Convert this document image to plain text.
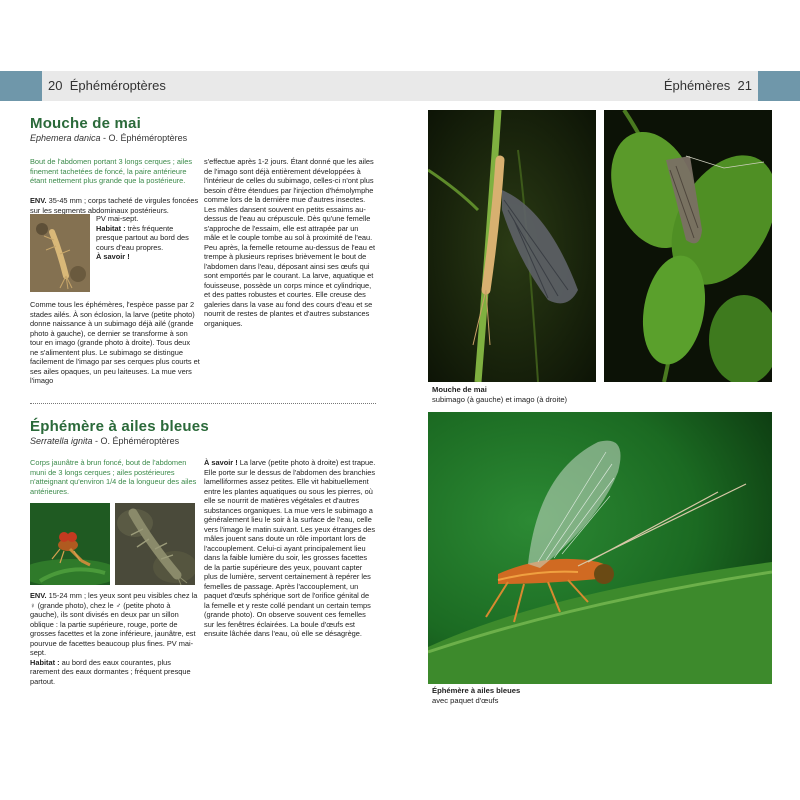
20 Éphéméroptères	Éphémères 21
Mouche de mai
Ephemera danica - O. Éphéméroptères
Bout de l'abdomen portant 3 longs cerques ; ailes finement tachetées de foncé, la paire antérieure étant nettement plus grande que la postérieure.
ENV. 35-45 mm ; corps tacheté de virgules foncées sur les segments abdominaux postérieurs.
PV mai-sept.
Habitat : très fréquente presque partout au bord des cours d'eau propres.
À savoir !
Comme tous les éphémères, l'espèce passe par 2 stades ailés. À son éclosion, la larve (petite photo) donne naissance à un subimago déjà ailé (grande photo à gauche), ce dernier se transforme à son tour en imago (grande photo à droite). Tous deux ne s'alimentent plus. Le subimago se distingue facilement de l'imago par ses cerques plus courts et ses ailes opaques, un peu laiteuses. La mue vers l'imago
s'effectue après 1-2 jours. Étant donné que les ailes de l'imago sont déjà entièrement développées à l'intérieur de celles du subimago, celles-ci n'ont plus besoin d'être étendues par l'injection d'hémolymphe comme lors de la dernière mue d'autres insectes. Les mâles dansent souvent en petits essaims au-dessus de l'eau au crépuscule. Dès qu'une femelle s'approche de l'essaim, elle est attrapée par un mâle et le couple tombe au sol à proximité de l'eau. Peu après, la femelle retourne au-dessus de l'eau et trempe à plusieurs reprises brièvement le bout de l'abdomen dans l'eau, déposant ainsi ses œufs qui sont emportés par le courant. La larve, aquatique et fouisseuse, possède un corps mince et cylindrique, et des pattes robustes et courtes. Elle creuse des galeries dans la vase au fond des cours d'eau et se nourrit de restes de plantes et d'autres substances organiques.
Éphémère à ailes bleues
Serratella ignita - O. Éphéméroptères
Corps jaunâtre à brun foncé, bout de l'abdomen muni de 3 longs cerques ; ailes postérieures n'atteignant qu'environ 1/4 de la longueur des ailes antérieures.
ENV. 15-24 mm ; les yeux sont peu visibles chez la ♀ (grande photo), chez le ♂ (petite photo à gauche), ils sont divisés en deux par un sillon oblique : la partie supérieure, rouge, porte de grosses facettes et la zone inférieure, jaunâtre, est pourvue de facettes beaucoup plus fines. PV mai-sept.
Habitat : au bord des eaux courantes, plus rarement des eaux dormantes ; fréquent presque partout.
À savoir ! La larve (petite photo à droite) est trapue. Elle porte sur le dessus de l'abdomen des branchies lamelliformes assez petites. Elle vit habituellement entre les plantes aquatiques ou sous les pierres, où elle se nourrit de matières végétales et d'autres substances organiques. La mue vers le subimago a généralement lieu le soir à la surface de l'eau, celle vers l'imago le matin suivant. Les yeux étranges des mâles jouent sans doute un rôle important lors de l'accouplement. Celui-ci ayant principalement lieu dans la faible lumière du soir, les grosses facettes de la partie supérieure des yeux, pouvant capter plus de lumière, servent certainement à repérer les femelles de passage. Après l'accouplement, un paquet d'œufs sphérique sort de l'orifice génital de la femelle et y reste collé pendant un certain temps (grande photo). On observe souvent ces femelles sur les fenêtres éclairées. La boule d'œufs est ensuite lâchée dans l'eau, où elle se désagrège.
Mouche de mai
subimago (à gauche) et imago (à droite)
Éphémère à ailes bleues
avec paquet d'œufs
